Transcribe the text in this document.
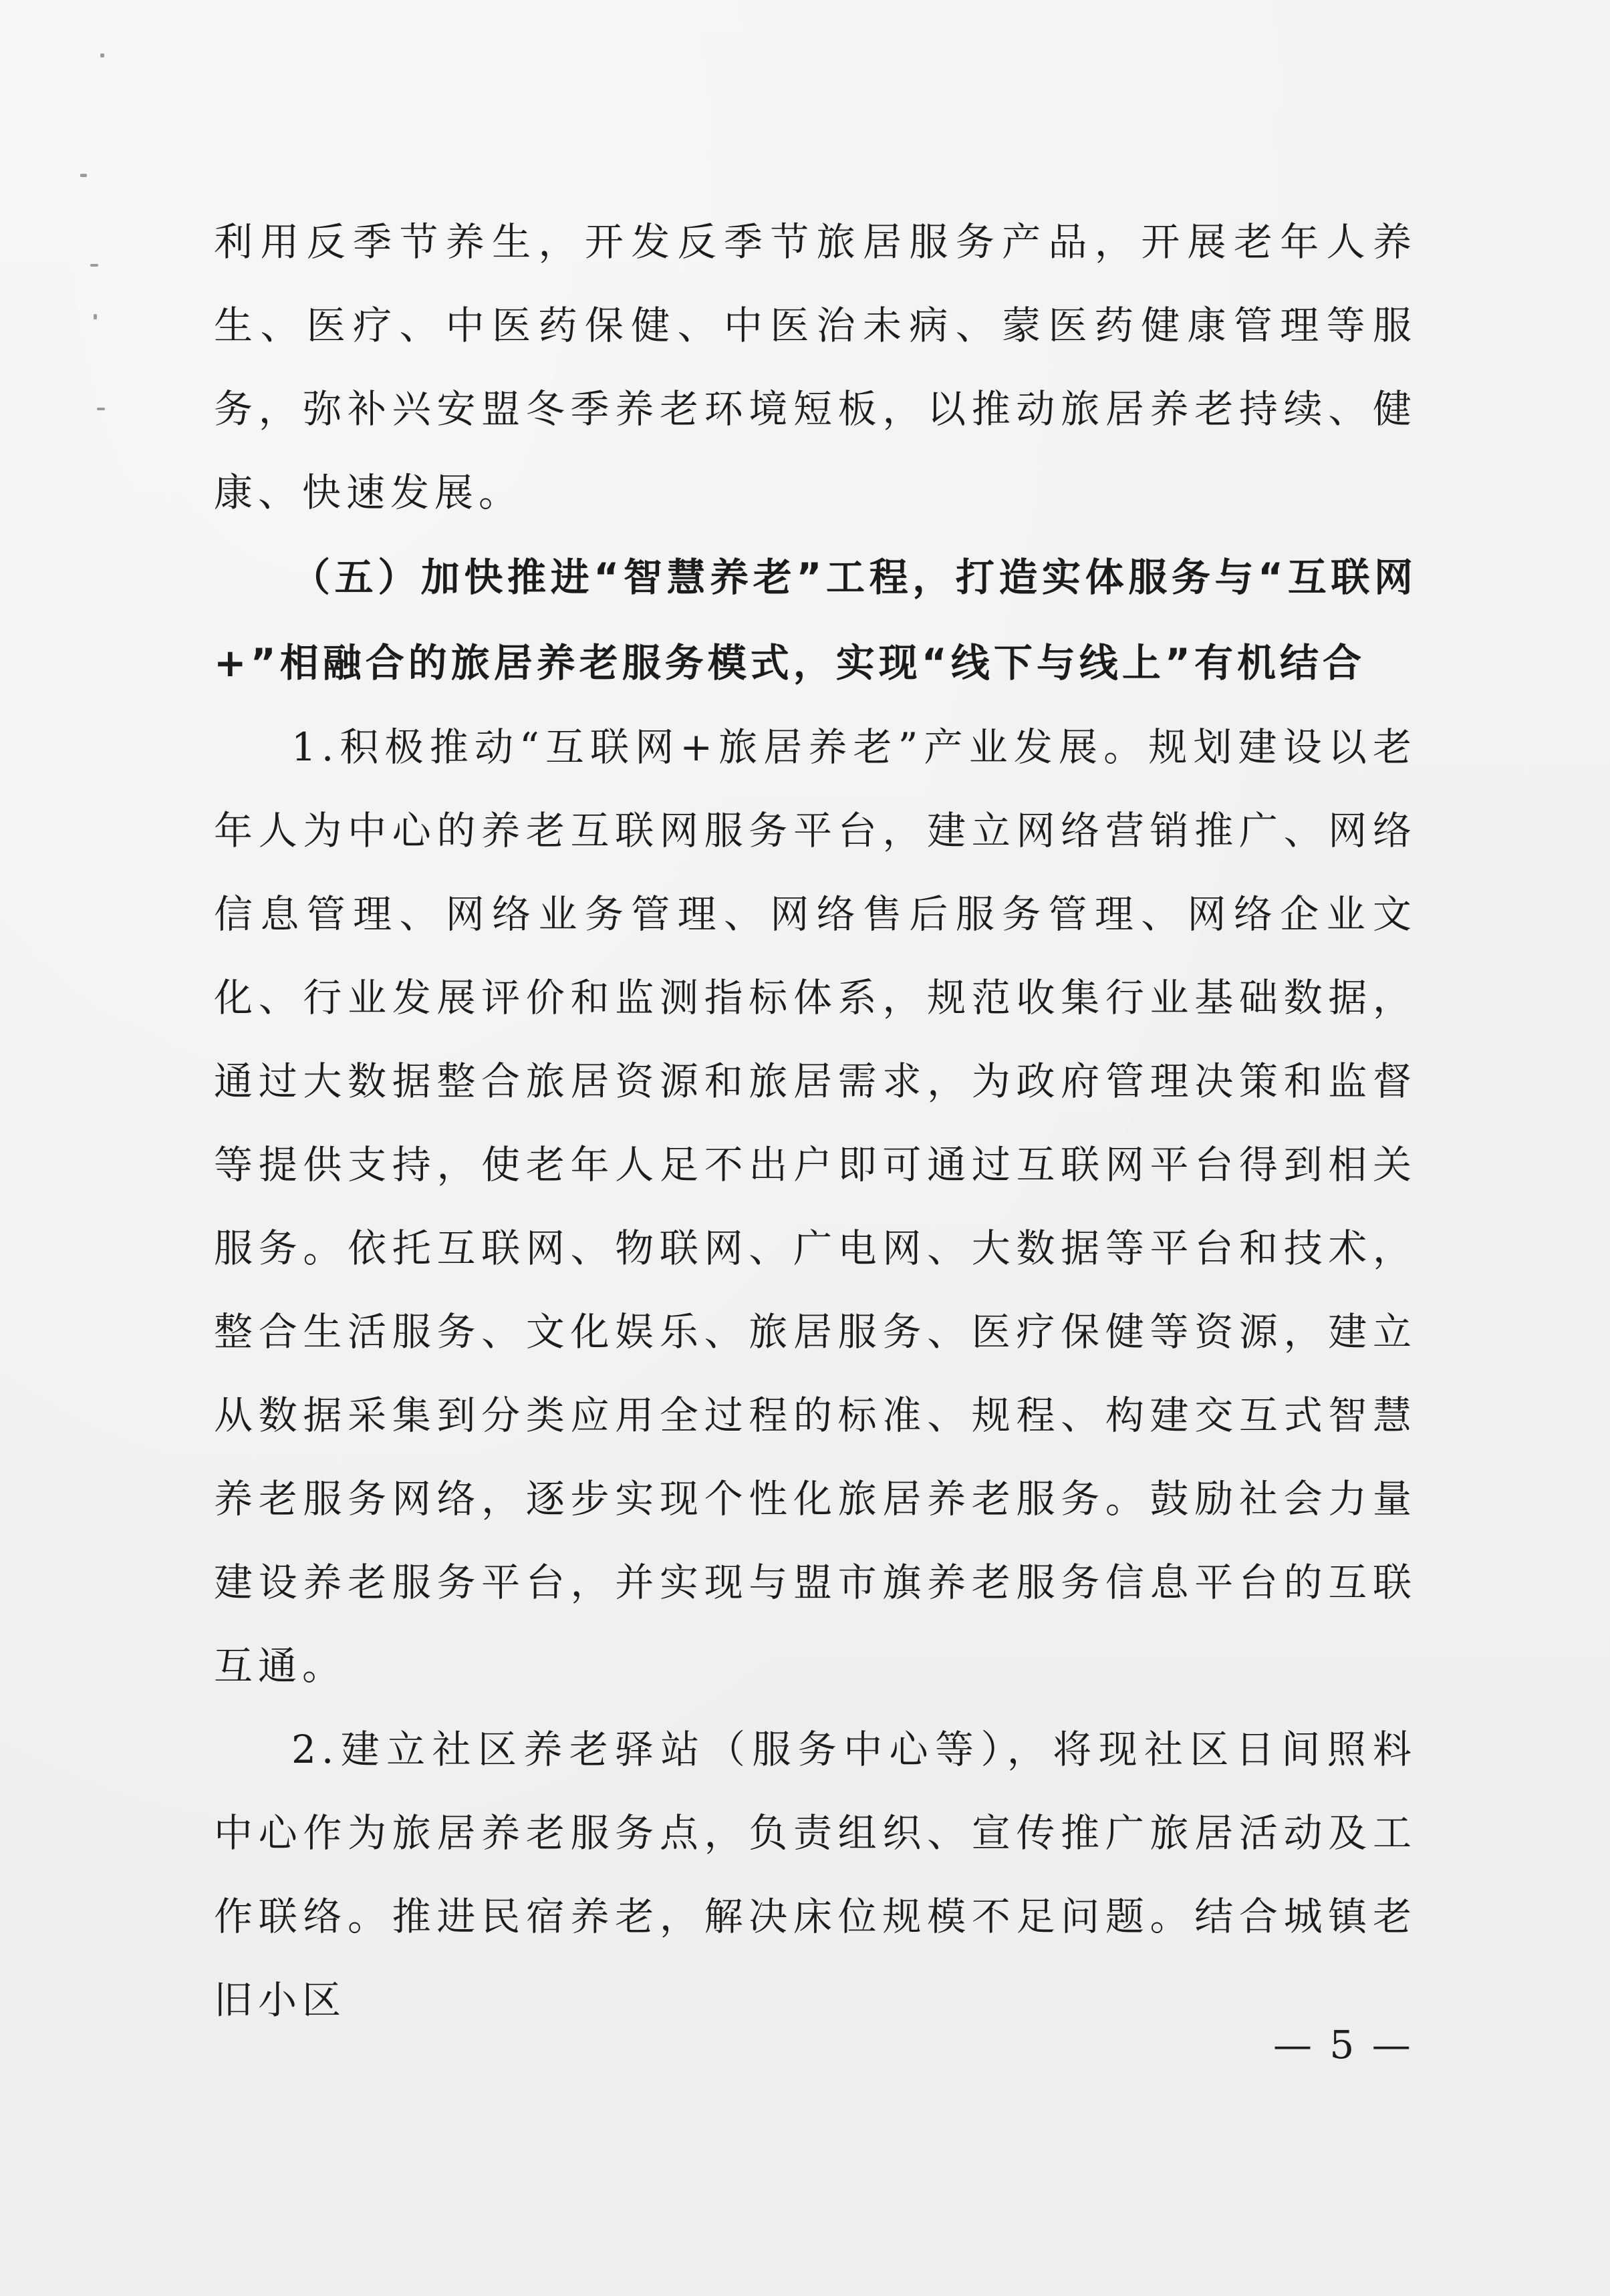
利用反季节养生，开发反季节旅居服务产品，开展老年人养生、医疗、中医药保健、中医治未病、蒙医药健康管理等服务，弥补兴安盟冬季养老环境短板，以推动旅居养老持续、健康、快速发展。

（五）加快推进“智慧养老”工程，打造实体服务与“互联网+”相融合的旅居养老服务模式，实现“线下与线上”有机结合

1.积极推动“互联网+旅居养老”产业发展。规划建设以老年人为中心的养老互联网服务平台，建立网络营销推广、网络信息管理、网络业务管理、网络售后服务管理、网络企业文化、行业发展评价和监测指标体系，规范收集行业基础数据，通过大数据整合旅居资源和旅居需求，为政府管理决策和监督等提供支持，使老年人足不出户即可通过互联网平台得到相关服务。依托互联网、物联网、广电网、大数据等平台和技术，整合生活服务、文化娱乐、旅居服务、医疗保健等资源，建立从数据采集到分类应用全过程的标准、规程、构建交互式智慧养老服务网络，逐步实现个性化旅居养老服务。鼓励社会力量建设养老服务平台，并实现与盟市旗养老服务信息平台的互联互通。

2.建立社区养老驿站（服务中心等），将现社区日间照料中心作为旅居养老服务点，负责组织、宣传推广旅居活动及工作联络。推进民宿养老，解决床位规模不足问题。结合城镇老旧小区

— 5 —
